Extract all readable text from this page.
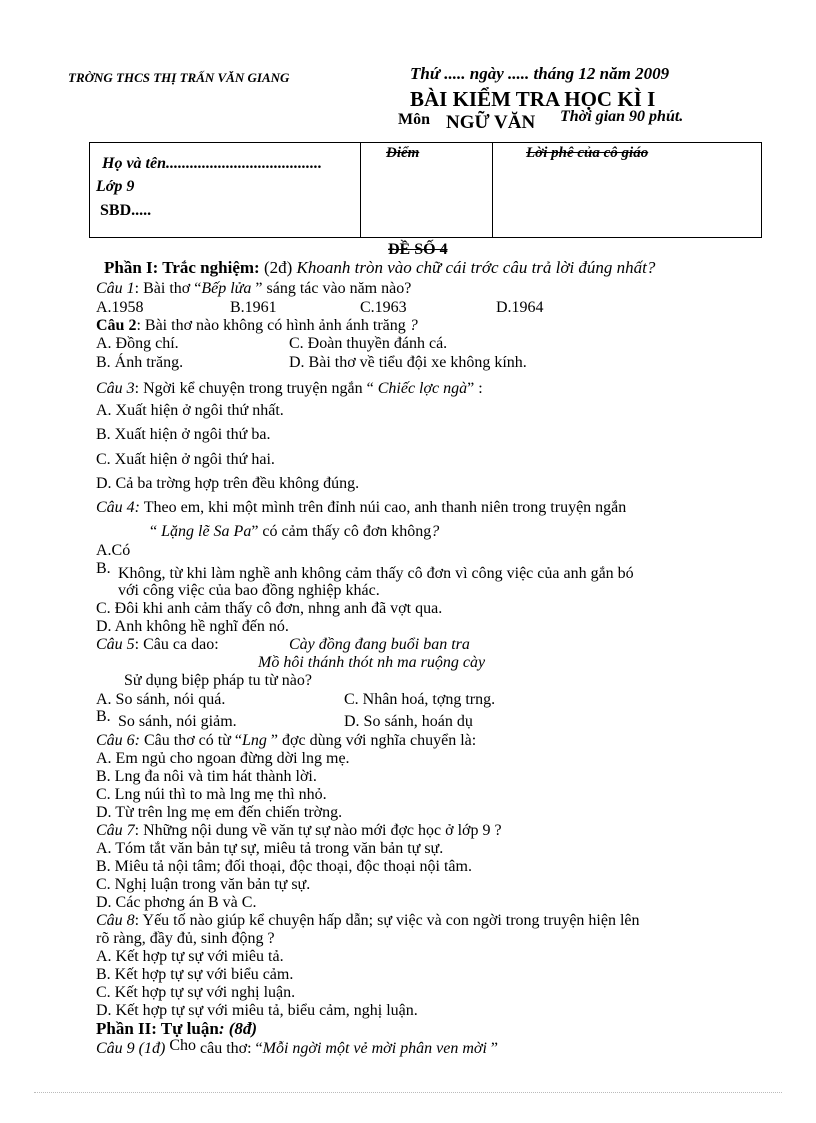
TRỜNG THCS THỊ TRẤN VĂN GIANG	Thứ ..... ngày ..... tháng 12 năm 2009
BÀI KIỂM TRA HỌC KÌ I
Môn NGỮ VĂN Thời gian 90 phút.
Họ và tên.......................................
Lớp 9
SBD.....
Điểm	Lời phê của cô giáo
ĐỀ SỐ 4
Phần I: Trắc nghiệm: (2đ) Khoanh tròn vào chữ cái trớc câu trả lời đúng nhất?
Câu 1: Bài thơ “Bếp lửa ” sáng tác vào năm nào?
A.1958	B.1961	C.1963	D.1964
Câu 2: Bài thơ nào không có hình ảnh ánh trăng ?
A. Đồng chí.	C. Đoàn thuyền đánh cá.
B. Ánh trăng.	D. Bài thơ về tiểu đội xe không kính.
Câu 3: Ngời kể chuyện trong truyện ngắn “ Chiếc lợc ngà” :
A. Xuất hiện ở ngôi thứ nhất.
B. Xuất hiện ở ngôi thứ ba.
C. Xuất hiện ở ngôi thứ hai.
D. Cả ba trờng hợp trên đều không đúng.
Câu 4: Theo em, khi một mình trên đỉnh núi cao, anh thanh niên trong truyện ngắn
“ Lặng lẽ Sa Pa” có cảm thấy cô đơn không?
A.Có
B. Không, từ khi làm nghề anh không cảm thấy cô đơn vì công việc của anh gắn bó
với công việc của bao đồng nghiệp khác.
C. Đôi khi anh cảm thấy cô đơn, nhng anh đã vợt qua.
D. Anh không hề nghĩ đến nó.
Câu 5: Câu ca dao:	Cày đồng đang buổi ban tra
Mồ hôi thánh thót nh ma ruộng cày
Sử dụng biệp pháp tu từ nào?
A. So sánh, nói quá.	C. Nhân hoá, tợng trng.
B. So sánh, nói giảm.	D. So sánh, hoán dụ
Câu 6: Câu thơ có từ “Lng ” đợc dùng với nghĩa chuyển là:
A. Em ngủ cho ngoan đừng dời lng mẹ.
B. Lng đa nôi và tim hát thành lời.
C. Lng núi thì to mà lng mẹ thì nhỏ.
D. Từ trên lng mẹ em đến chiến trờng.
Câu 7: Những nội dung về văn tự sự nào mới đợc học ở lớp 9 ?
A. Tóm tắt văn bản tự sự, miêu tả trong văn bản tự sự.
B. Miêu tả nội tâm; đối thoại, độc thoại, độc thoại nội tâm.
C. Nghị luận trong văn bản tự sự.
D. Các phơng án B và C.
Câu 8: Yếu tố nào giúp kể chuyện hấp dẫn; sự việc và con ngời trong truyện hiện lên
rõ ràng, đầy đủ, sinh động ?
A. Kết hợp tự sự với miêu tả.
B. Kết hợp tự sự với biểu cảm.
C. Kết hợp tự sự với nghị luận.
D. Kết hợp tự sự với miêu tả, biểu cảm, nghị luận.
Phần II: Tự luận: (8đ)
Câu 9 (1đ) Cho câu thơ: “Mỗi ngời một vẻ mời phân ven mời ”
